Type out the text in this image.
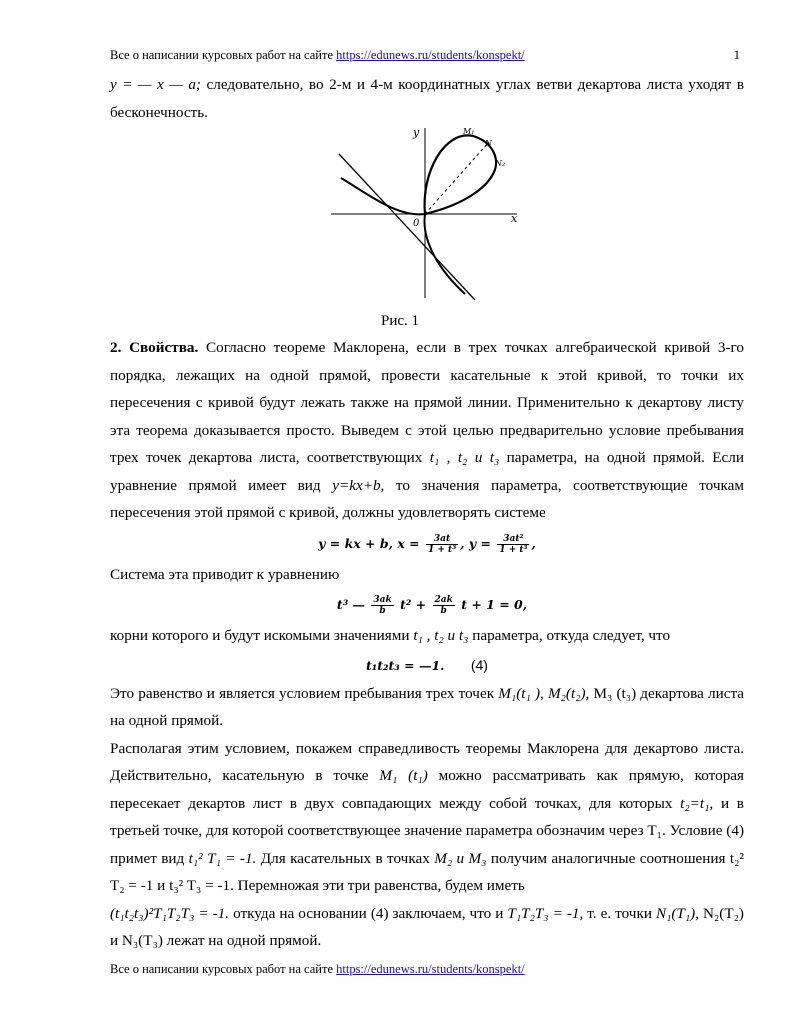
Все о написании курсовых работ на сайте https://edunews.ru/students/konspekt/	1

y = — x — a; следовательно, во 2-м и 4-м координатных углах ветви декартова листа уходят в бесконечность.

y
x
0
M₁
N
N₂
Рис. 1

2. Свойства. Согласно теореме Маклорена, если в трех точках алгебраической кривой 3-го порядка, лежащих на одной прямой, провести касательные к этой кривой, то точки их пересечения с кривой будут лежать также на прямой линии. Применительно к декартову листу эта теорема доказывается просто. Выведем с этой целью предварительно условие пребывания трех точек декартова листа, соответствующих t₁ , t₂ и t₃ параметра, на одной прямой. Если уравнение прямой имеет вид y=kx+b, то значения параметра, соответствующие точкам пересечения этой прямой с кривой, должны удовлетворять системе

y = kx + b, $x = \frac{3at}{\text{1 + t³}}$ , $y = \frac{\text{3at²}}{\text{1 + t³}}$ ,

Система эта приводит к уравнению

t³ — $\frac{3ak}{b} t^2 + \frac{2ak}{b}$ t + 1 = 0,

корни которого и будут искомыми значениями t₁ , t₂ и t₃ параметра, откуда следует, что

t₁t₂t₃ = —1. (4)

Это равенство и является условием пребывания трех точек M₁(t₁ ), M₂(t₂), M₃ (t₃) декартова листа на одной прямой.

Располагая этим условием, покажем справедливость теоремы Маклорена для декартово листа. Действительно, касательную в точке M₁ (t₁) можно рассматривать как прямую, которая пересекает декартов лист в двух совпадающих между собой точках, для которых t₂=t₁, и в третьей точке, для которой соответствующее значение параметра обозначим через T₁. Условие (4) примет вид t₁² T₁ = -1. Для касательных в точках M₂ и M₃ получим аналогичные соотношения t₂² T₂ = -1 и t₃² T₃ = -1. Перемножая эти три равенства, будем иметь

(t₁t₂t₃)²T₁T₂T₃ = -1. откуда на основании (4) заключаем, что и T₁T₂T₃ = -1, т. е. точки N₁(T₁), N₂(T₂) и N₃(T₃) лежат на одной прямой.

Все о написании курсовых работ на сайте https://edunews.ru/students/konspekt/
